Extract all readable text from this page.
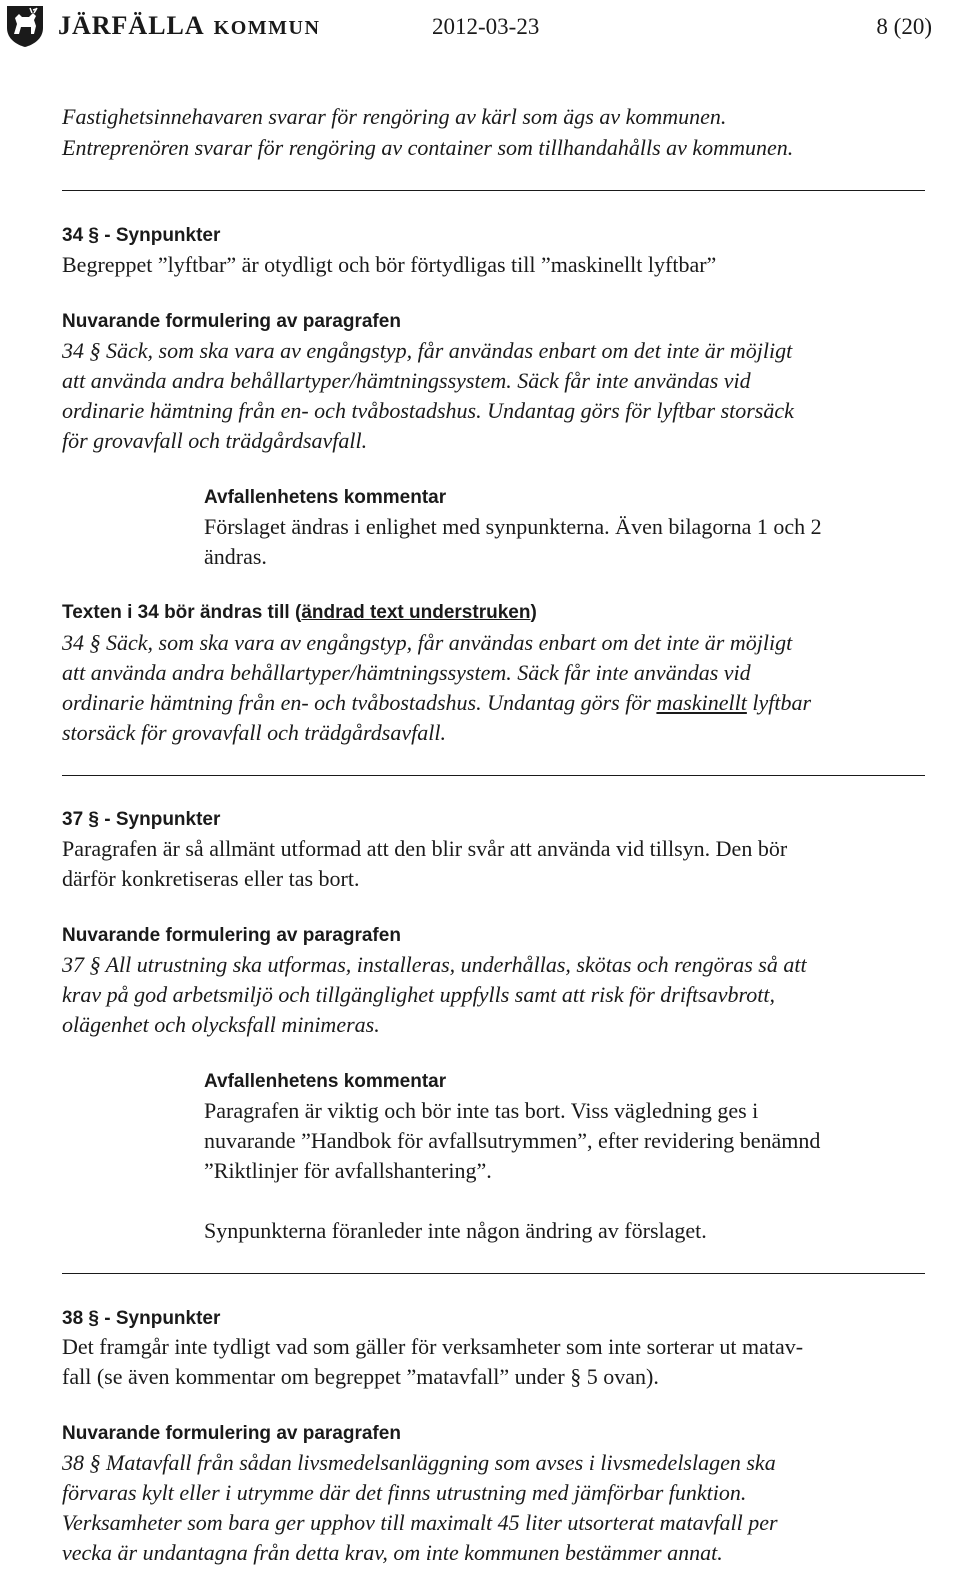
JÄRFÄLLA KOMMUN	2012-03-23	8 (20)

Fastighetsinnehavaren svarar för rengöring av kärl som ägs av kommunen.

Entreprenören svarar för rengöring av container som tillhandahålls av kommunen.

34 § - Synpunkter

Begreppet ”lyftbar” är otydligt och bör förtydligas till ”maskinellt lyftbar”

Nuvarande formulering av paragrafen

34 § Säck, som ska vara av engångstyp, får användas enbart om det inte är möjligt

att använda andra behållartyper/hämtningssystem. Säck får inte användas vid

ordinarie hämtning från en- och tvåbostadshus. Undantag görs för lyftbar storsäck

för grovavfall och trädgårdsavfall.

Avfallenhetens kommentar

Förslaget ändras i enlighet med synpunkterna. Även bilagorna 1 och 2

ändras.

Texten i 34 bör ändras till (ändrad text understruken)

34 § Säck, som ska vara av engångstyp, får användas enbart om det inte är möjligt

att använda andra behållartyper/hämtningssystem. Säck får inte användas vid

ordinarie hämtning från en- och tvåbostadshus. Undantag görs för maskinellt lyftbar

storsäck för grovavfall och trädgårdsavfall.

37 § - Synpunkter

Paragrafen är så allmänt utformad att den blir svår att använda vid tillsyn. Den bör

därför konkretiseras eller tas bort.

Nuvarande formulering av paragrafen

37 § All utrustning ska utformas, installeras, underhållas, skötas och rengöras så att

krav på god arbetsmiljö och tillgänglighet uppfylls samt att risk för driftsavbrott,

olägenhet och olycksfall minimeras.

Avfallenhetens kommentar

Paragrafen är viktig och bör inte tas bort. Viss vägledning ges i

nuvarande ”Handbok för avfallsutrymmen”, efter revidering benämnd

”Riktlinjer för avfallshantering”.

Synpunkterna föranleder inte någon ändring av förslaget.

38 § - Synpunkter

Det framgår inte tydligt vad som gäller för verksamheter som inte sorterar ut matav-

fall (se även kommentar om begreppet ”matavfall” under § 5 ovan).

Nuvarande formulering av paragrafen

38 § Matavfall från sådan livsmedelsanläggning som avses i livsmedelslagen ska

förvaras kylt eller i utrymme där det finns utrustning med jämförbar funktion.

Verksamheter som bara ger upphov till maximalt 45 liter utsorterat matavfall per

vecka är undantagna från detta krav, om inte kommunen bestämmer annat.
